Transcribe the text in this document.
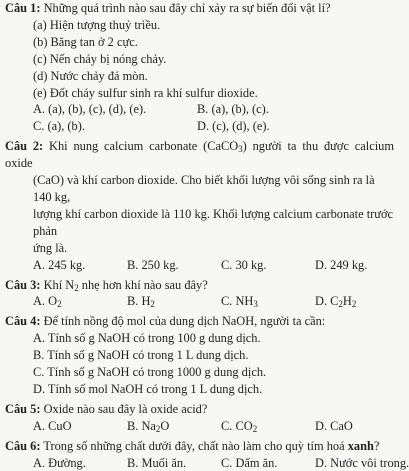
Câu 1: Những quá trình nào sau đây chỉ xảy ra sự biến đổi vật lí?

(a) Hiện tượng thuỷ triều.

(b) Băng tan ở 2 cực.

(c) Nến cháy bị nóng chảy.

(d) Nước chảy đá mòn.

(e) Đốt cháy sulfur sinh ra khí sulfur dioxide.

A. (a), (b), (c), (d), (e).	B. (a), (b), (c).
C. (a), (b).	D. (c), (d), (e).

Câu 2: Khi nung calcium carbonate (CaCO$_3$) người ta thu được calcium oxide

(CaO) và khí carbon dioxide. Cho biết khối lượng vôi sống sinh ra là 140 kg,

lượng khí carbon dioxide là 110 kg. Khối lượng calcium carbonate trước phản

ứng là.

A. 245 kg.	B. 250 kg.	C. 30 kg.	D. 249 kg.

Câu 3: Khí $N_2$ nhẹ hơn khí nào sau đây?

A. $O_2$	B. $H_2$	C. $NH_3$	D. $C_2H_2$

Câu 4: Để tính nồng độ mol của dung dịch NaOH, người ta cần:

A. Tính số g NaOH có trong 100 g dung dịch.

B. Tính số g NaOH có trong 1 L dung dịch.

C. Tính số g NaOH có trong 1000 g dung dịch.

D. Tính số mol NaOH có trong 1 L dung dịch.

Câu 5: Oxide nào sau đây là oxide acid?

A. CuO	B. $Na_2O$	C. $CO_2$	D. CaO

Câu 6: Trong số những chất dưới đây, chất nào làm cho quỳ tím hoá xanh?

A. Đường.	B. Muối ăn.	C. Dấm ăn.	D. Nước vôi trong.
